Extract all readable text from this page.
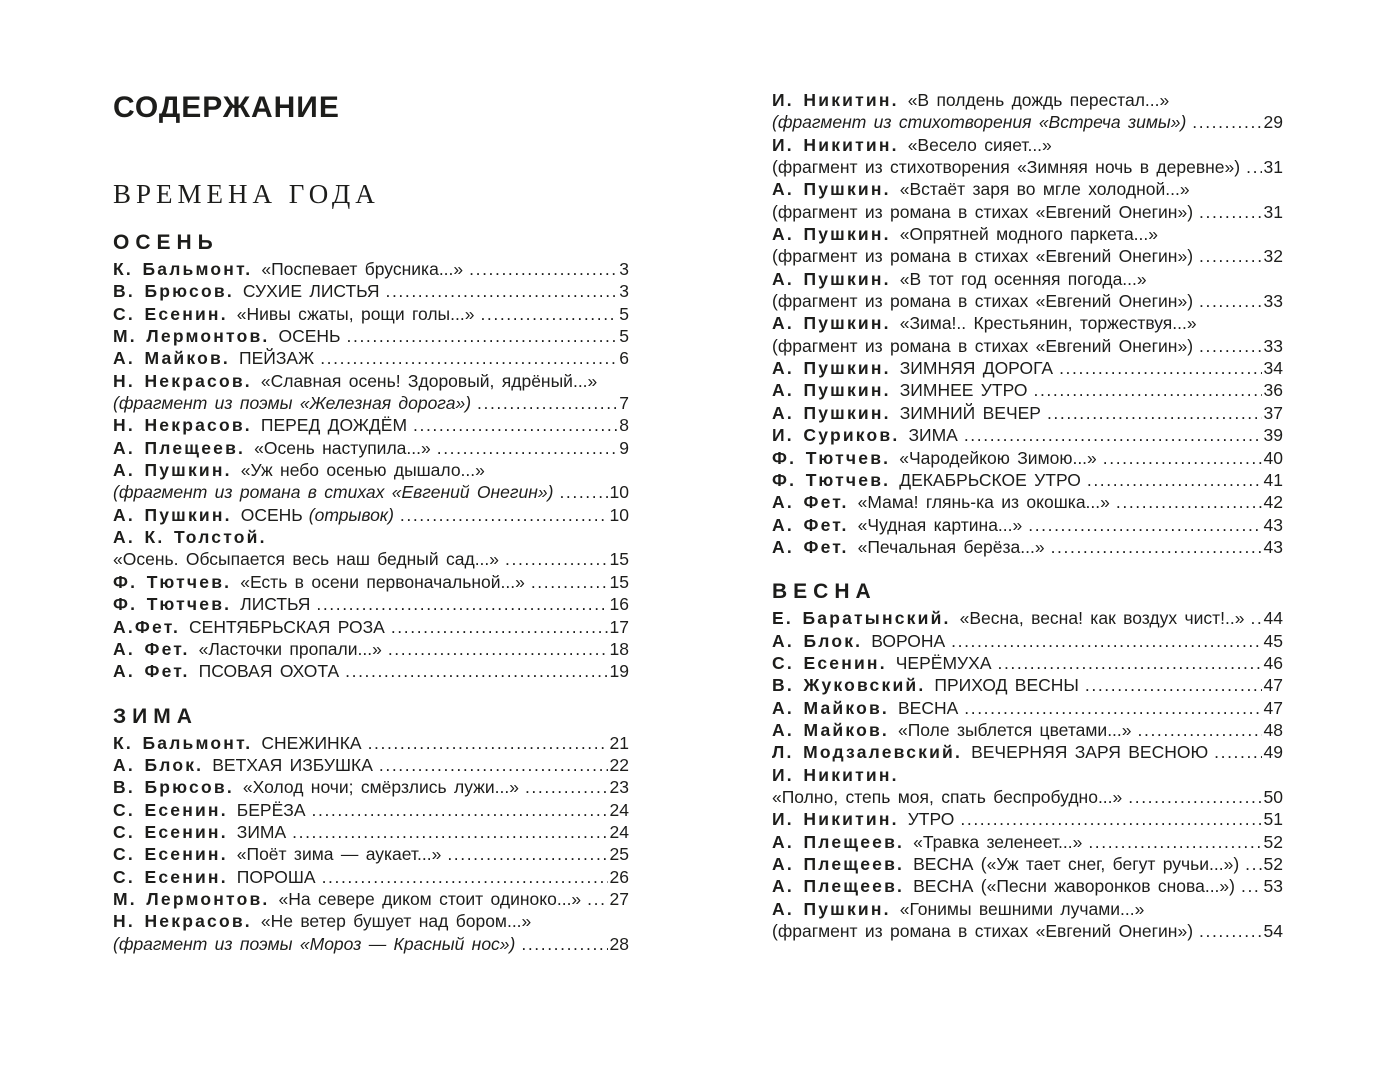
СОДЕРЖАНИЕ
ВРЕМЕНА ГОДА
ОСЕНЬ
К. Бальмонт. «Поспевает брусника...» .....	3
В. Брюсов. СУХИЕ ЛИСТЬЯ .....	3
С. Есенин. «Нивы сжаты, рощи голы...» .....	5
М. Лермонтов. ОСЕНЬ .....	5
А. Майков. ПЕЙЗАЖ .....	6
Н. Некрасов. «Славная осень! Здоровый, ядрёный...»
(фрагмент из поэмы «Железная дорога») .....	7
Н. Некрасов. ПЕРЕД ДОЖДЁМ .....	8
А. Плещеев. «Осень наступила...» .....	9
А. Пушкин. «Уж небо осенью дышало...»
(фрагмент из романа в стихах «Евгений Онегин») .....	10
А. Пушкин. ОСЕНЬ (отрывок) .....	10
А. К. Толстой.
«Осень. Обсыпается весь наш бедный сад...» .....	15
Ф. Тютчев. «Есть в осени первоначальной...» .....	15
Ф. Тютчев. ЛИСТЬЯ .....	16
А.Фет. СЕНТЯБРЬСКАЯ РОЗА .....	17
А. Фет. «Ласточки пропали...» .....	18
А. Фет. ПСОВАЯ ОХОТА .....	19
ЗИМА
К. Бальмонт. СНЕЖИНКА .....	21
А. Блок. ВЕТХАЯ ИЗБУШКА .....	22
В. Брюсов. «Холод ночи; смёрзлись лужи...» .....	23
С. Есенин. БЕРЁЗА .....	24
С. Есенин. ЗИМА .....	24
С. Есенин. «Поёт зима — аукает...» .....	25
С. Есенин. ПОРОША .....	26
М. Лермонтов. «На севере диком стоит одиноко...» ..... 27
Н. Некрасов. «Не ветер бушует над бором...»
(фрагмент из поэмы «Мороз — Красный нос») .....	28
И. Никитин. «В полдень дождь перестал...»
(фрагмент из стихотворения «Встреча зимы») .....	29
И. Никитин. «Весело сияет...»
(фрагмент из стихотворения «Зимняя ночь в деревне») ..... 31
А. Пушкин. «Встаёт заря во мгле холодной...»
(фрагмент из романа в стихах «Евгений Онегин») .....	31
А. Пушкин. «Опрятней модного паркета...»
(фрагмент из романа в стихах «Евгений Онегин») .....	32
А. Пушкин. «В тот год осенняя погода...»
(фрагмент из романа в стихах «Евгений Онегин») .....	33
А. Пушкин. «Зима!.. Крестьянин, торжествуя...»
(фрагмент из романа в стихах «Евгений Онегин») .....	33
А. Пушкин. ЗИМНЯЯ ДОРОГА .....	34
А. Пушкин. ЗИМНЕЕ УТРО .....	36
А. Пушкин. ЗИМНИЙ ВЕЧЕР .....	37
И. Суриков. ЗИМА .....	39
Ф. Тютчев. «Чародейкою Зимою...» .....	40
Ф. Тютчев. ДЕКАБРЬСКОЕ УТРО .....	41
А. Фет. «Мама! глянь-ка из окошка...» .....	42
А. Фет. «Чудная картина...» .....	43
А. Фет. «Печальная берёза...» .....	43
ВЕСНА
Е. Баратынский. «Весна, весна! как воздух чист!..» ..... 44
А. Блок. ВОРОНА .....	45
С. Есенин. ЧЕРЁМУХА .....	46
В. Жуковский. ПРИХОД ВЕСНЫ .....	47
А. Майков. ВЕСНА .....	47
А. Майков. «Поле зыблется цветами...» .....	48
Л. Модзалевский. ВЕЧЕРНЯЯ ЗАРЯ ВЕСНОЮ .....	49
И. Никитин.
«Полно, степь моя, спать беспробудно...» .....	50
И. Никитин. УТРО .....	51
А. Плещеев. «Травка зеленеет...» .....	52
А. Плещеев. ВЕСНА («Уж тает снег, бегут ручьи...») ..... 52
А. Плещеев. ВЕСНА («Песни жаворонков снова...») ..... 53
А. Пушкин. «Гонимы вешними лучами...»
(фрагмент из романа в стихах «Евгений Онегин») .....	54
